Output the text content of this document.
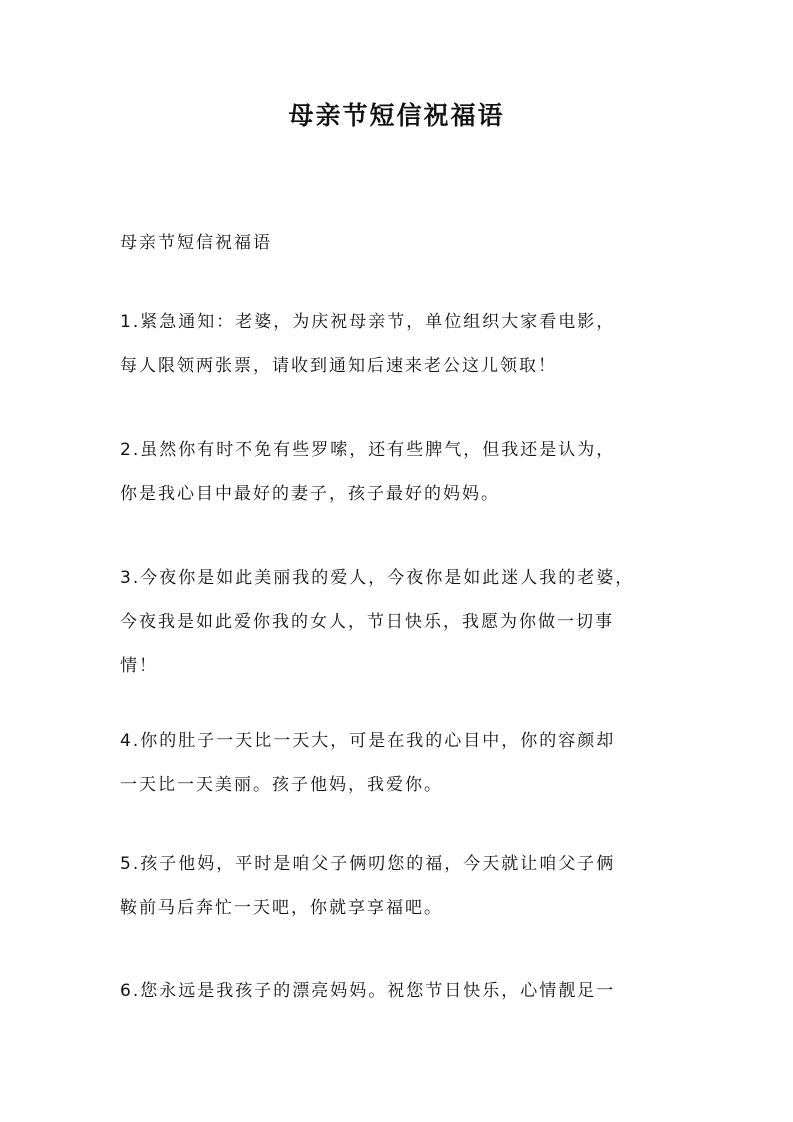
母亲节短信祝福语
母亲节短信祝福语
1.紧急通知：老婆，为庆祝母亲节，单位组织大家看电影，
每人限领两张票，请收到通知后速来老公这儿领取！
2.虽然你有时不免有些罗嗦，还有些脾气，但我还是认为，
你是我心目中最好的妻子，孩子最好的妈妈。
3.今夜你是如此美丽我的爱人，今夜你是如此迷人我的老婆，
今夜我是如此爱你我的女人，节日快乐，我愿为你做一切事
情！
4.你的肚子一天比一天大，可是在我的心目中，你的容颜却
一天比一天美丽。孩子他妈，我爱你。
5.孩子他妈，平时是咱父子俩叨您的福，今天就让咱父子俩
鞍前马后奔忙一天吧，你就享享福吧。
6.您永远是我孩子的漂亮妈妈。祝您节日快乐，心情靓足一
